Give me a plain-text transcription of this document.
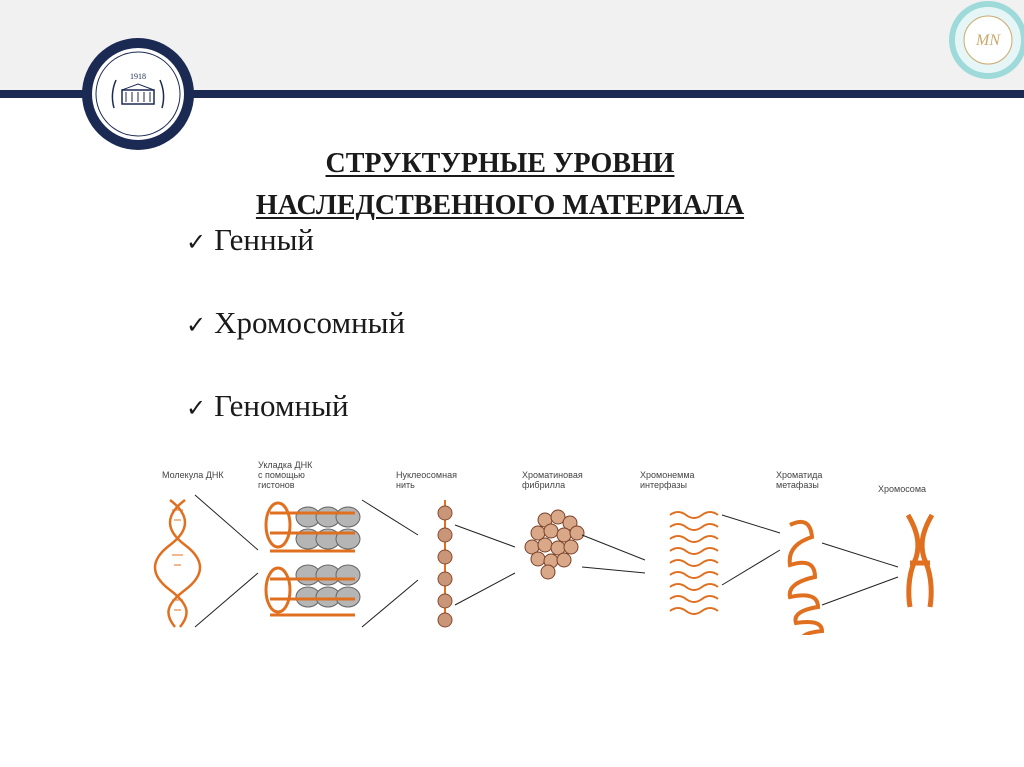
1918
MN
СТРУКТУРНЫЕ УРОВНИ
НАСЛЕДСТВЕННОГО МАТЕРИАЛА
✓ Генный
✓ Хромосомный
✓ Геномный
Молекула ДНК
Укладка ДНК
с помощью
гистонов
Нуклеосомная
нить
Хроматиновая
фибрилла
Хромонемма
интерфазы
Хроматида
метафазы	Хромосома
